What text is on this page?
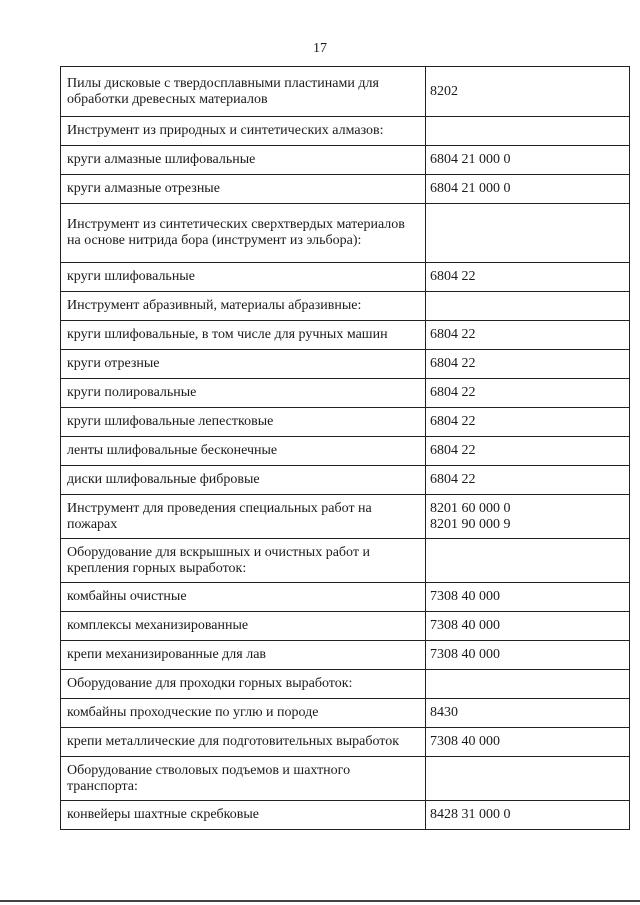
17
Пилы дисковые с твердосплавными пластинами для обработки древесных материалов	8202
Инструмент из природных и синтетических алмазов:	
круги алмазные шлифовальные	6804 21 000 0
круги алмазные отрезные	6804 21 000 0
Инструмент из синтетических сверхтвердых материалов на основе нитрида бора (инструмент из эльбора):	
круги шлифовальные	6804 22
Инструмент абразивный, материалы абразивные:	
круги шлифовальные, в том числе для ручных машин	6804 22
круги отрезные	6804 22
круги полировальные	6804 22
круги шлифовальные лепестковые	6804 22
ленты шлифовальные бесконечные	6804 22
диски шлифовальные фибровые	6804 22
Инструмент для проведения специальных работ на пожарах	8201 60 000 0
8201 90 000 9
Оборудование для вскрышных и очистных работ и крепления горных выработок:	
комбайны очистные	7308 40 000
комплексы механизированные	7308 40 000
крепи механизированные для лав	7308 40 000
Оборудование для проходки горных выработок:	
комбайны проходческие по углю и породе	8430
крепи металлические для подготовительных выработок	7308 40 000
Оборудование стволовых подъемов и шахтного транспорта:	
конвейеры шахтные скребковые	8428 31 000 0
